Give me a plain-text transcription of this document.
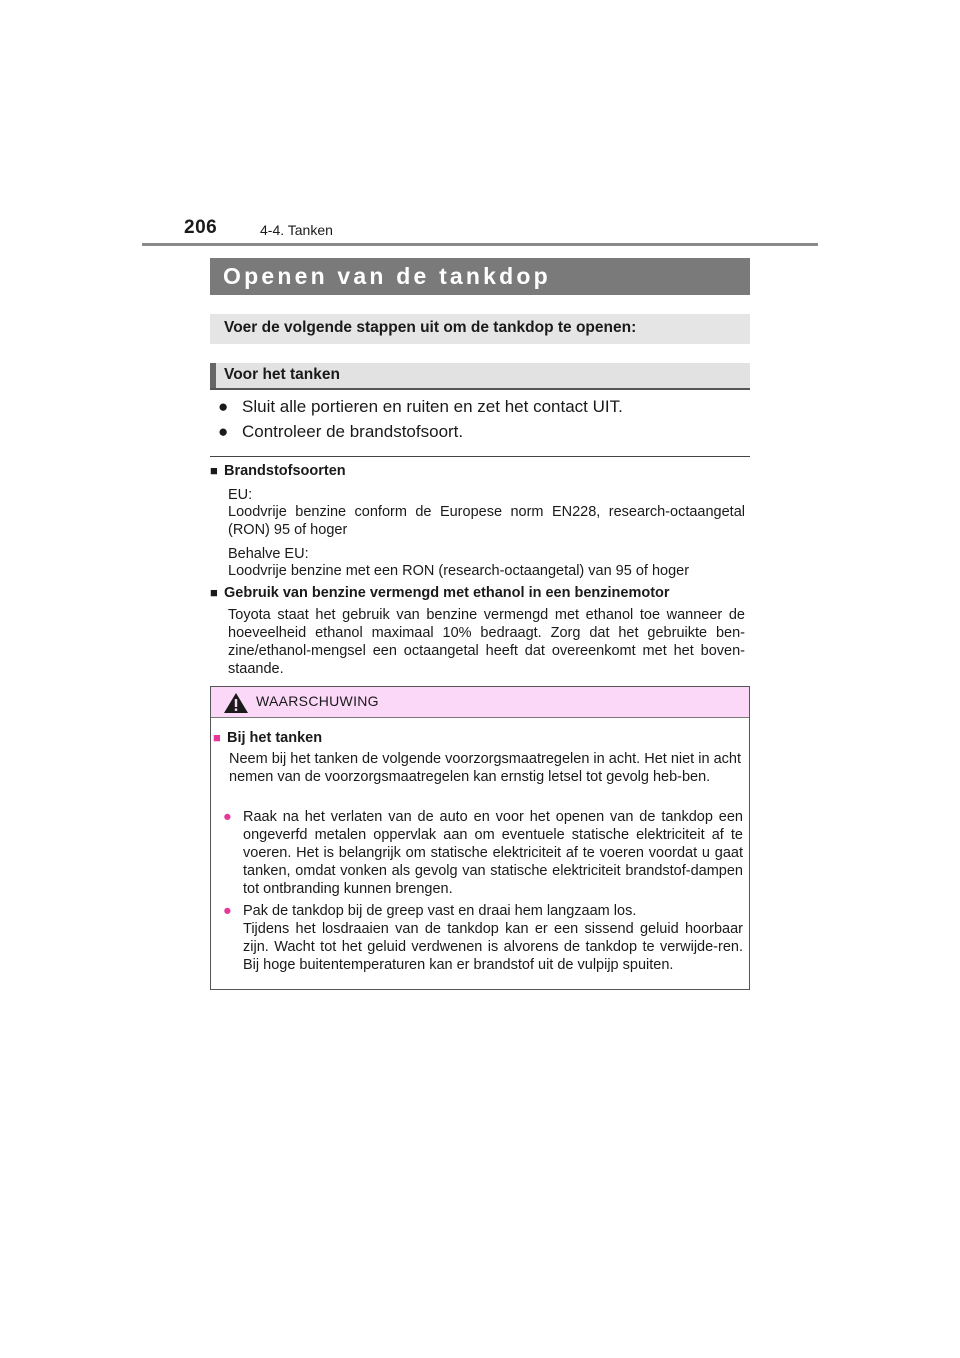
206	4-4. Tanken
Openen van de tankdop
Voer de volgende stappen uit om de tankdop te openen:
Voor het tanken
● Sluit alle portieren en ruiten en zet het contact UIT.
● Controleer de brandstofsoort.
■ Brandstofsoorten
EU:
Loodvrije benzine conform de Europese norm EN228, research-octaangetal (RON) 95 of hoger
Behalve EU:
Loodvrije benzine met een RON (research-octaangetal) van 95 of hoger
■ Gebruik van benzine vermengd met ethanol in een benzinemotor
Toyota staat het gebruik van benzine vermengd met ethanol toe wanneer de hoeveelheid ethanol maximaal 10% bedraagt. Zorg dat het gebruikte ben-zine/ethanol-mengsel een octaangetal heeft dat overeenkomt met het boven-staande.
WAARSCHUWING
■ Bij het tanken
Neem bij het tanken de volgende voorzorgsmaatregelen in acht. Het niet in acht nemen van de voorzorgsmaatregelen kan ernstig letsel tot gevolg heb-ben.
● Raak na het verlaten van de auto en voor het openen van de tankdop een ongeverfd metalen oppervlak aan om eventuele statische elektriciteit af te voeren. Het is belangrijk om statische elektriciteit af te voeren voordat u gaat tanken, omdat vonken als gevolg van statische elektriciteit brandstof-dampen tot ontbranding kunnen brengen.
● Pak de tankdop bij de greep vast en draai hem langzaam los.
Tijdens het losdraaien van de tankdop kan er een sissend geluid hoorbaar zijn. Wacht tot het geluid verdwenen is alvorens de tankdop te verwijde-ren. Bij hoge buitentemperaturen kan er brandstof uit de vulpijp spuiten.
